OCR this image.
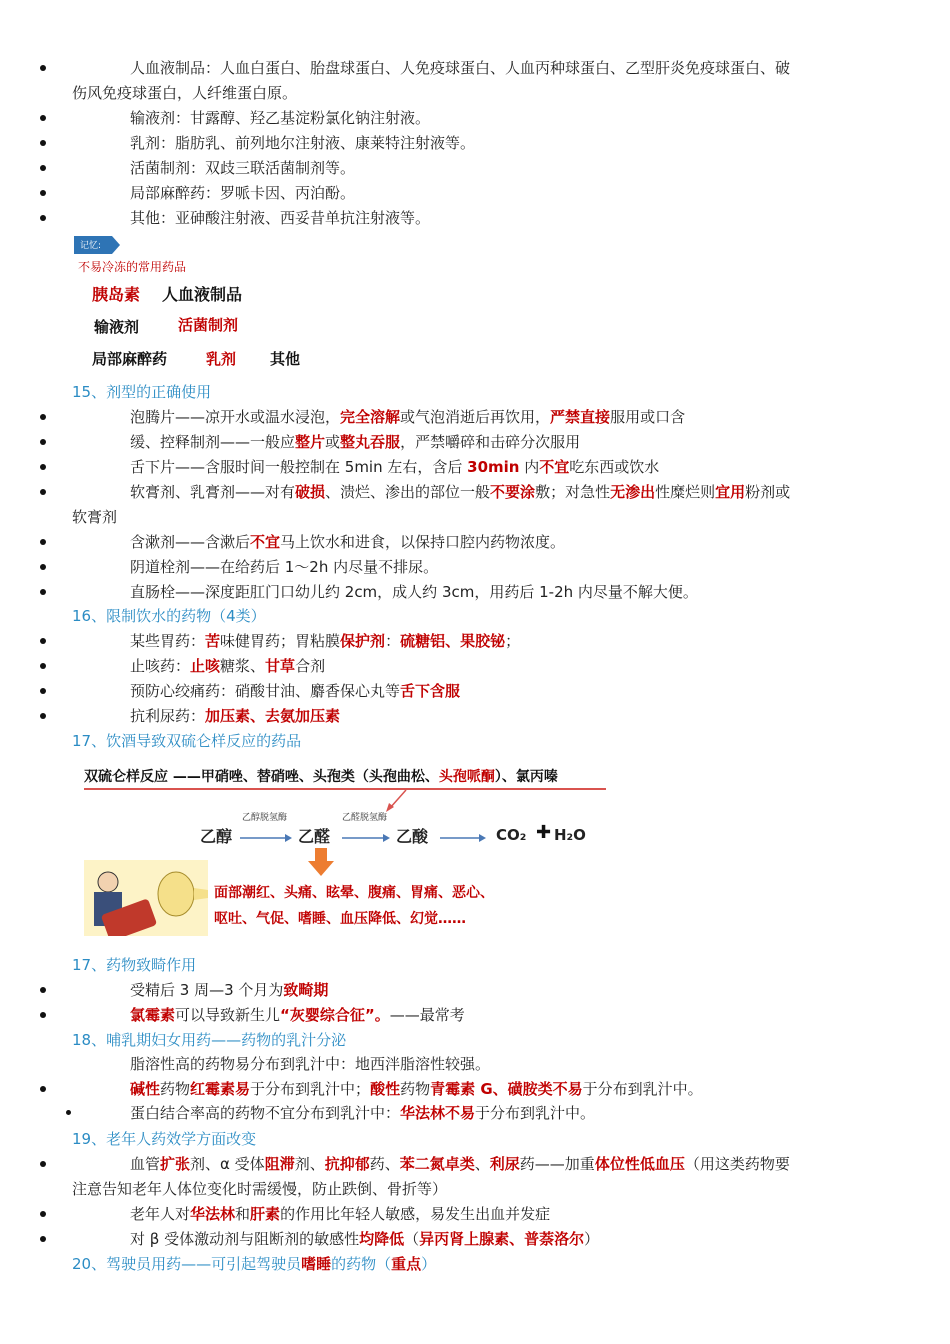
人血液制品：人血白蛋白、胎盘球蛋白、人免疫球蛋白、人血丙种球蛋白、乙型肝炎免疫球蛋白、破
伤风免疫球蛋白，人纤维蛋白原。
输液剂：甘露醇、羟乙基淀粉氯化钠注射液。
乳剂：脂肪乳、前列地尔注射液、康莱特注射液等。
活菌制剂：双歧三联活菌制剂等。
局部麻醉药：罗哌卡因、丙泊酚。
其他：亚砷酸注射液、西妥昔单抗注射液等。
记忆:
不易冷冻的常用药品
胰岛素 人血液制品
输液剂	活菌制剂
局部麻醉药	乳剂 其他
15、剂型的正确使用
泡腾片——凉开水或温水浸泡，完全溶解或气泡消逝后再饮用，严禁直接服用或口含
缓、控释制剂——一般应整片或整丸吞服，严禁嚼碎和击碎分次服用
舌下片——含服时间一般控制在 5min 左右，含后 30min 内不宜吃东西或饮水
软膏剂、乳膏剂——对有破损、溃烂、渗出的部位一般不要涂敷；对急性无渗出性糜烂则宜用粉剂或
软膏剂
含漱剂——含漱后不宜马上饮水和进食，以保持口腔内药物浓度。
阴道栓剂——在给药后 1～2h 内尽量不排尿。
直肠栓——深度距肛门口幼儿约 2cm，成人约 3cm，用药后 1-2h 内尽量不解大便。
16、限制饮水的药物（4类）
某些胃药：苦味健胃药；胃粘膜保护剂：硫糖铝、果胶铋；
止咳药：止咳糖浆、甘草合剂
预防心绞痛药：硝酸甘油、麝香保心丸等舌下含服
抗利尿药：加压素、去氨加压素
17、饮酒导致双硫仑样反应的药品
双硫仑样反应 ——甲硝唑、替硝唑、头孢类（头孢曲松、头孢哌酮）、氯丙嗪
乙醇脱氢酶	乙醛脱氢酶
乙醇	乙醛	乙酸	CO₂ ✚ H₂O
面部潮红、头痛、眩晕、腹痛、胃痛、恶心、
呕吐、气促、嗜睡、血压降低、幻觉……
17、药物致畸作用
受精后 3 周—3 个月为致畸期
氯霉素可以导致新生儿“灰婴综合征”。——最常考
18、哺乳期妇女用药——药物的乳汁分泌
脂溶性高的药物易分布到乳汁中：地西泮脂溶性较强。
碱性药物红霉素易于分布到乳汁中；酸性药物青霉素 G、磺胺类不易于分布到乳汁中。
蛋白结合率高的药物不宜分布到乳汁中：华法林不易于分布到乳汁中。
19、老年人药效学方面改变
血管扩张剂、α 受体阻滞剂、抗抑郁药、苯二氮卓类、利尿药——加重体位性低血压（用这类药物要
注意告知老年人体位变化时需缓慢，防止跌倒、骨折等）
老年人对华法林和肝素的作用比年轻人敏感，易发生出血并发症
对 β 受体激动剂与阻断剂的敏感性均降低（异丙肾上腺素、普萘洛尔）
20、驾驶员用药——可引起驾驶员嗜睡的药物（重点）
